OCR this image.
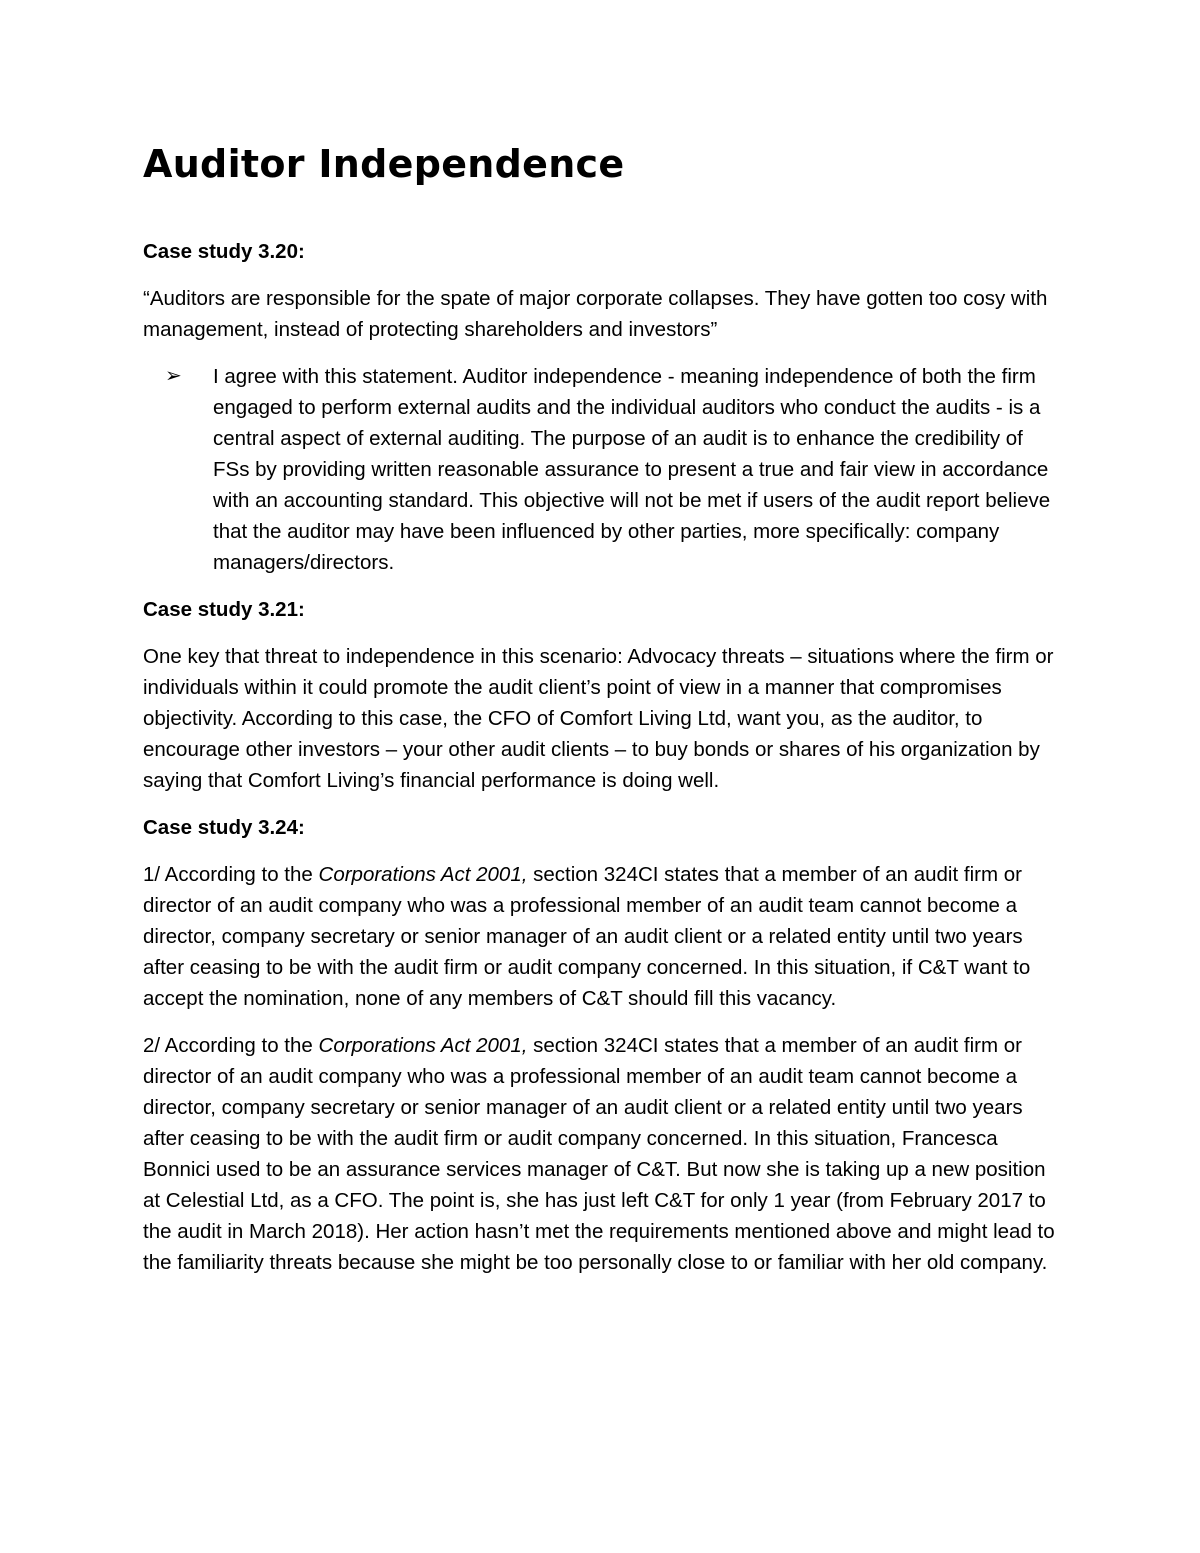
Auditor Independence

Case study 3.20:

“Auditors are responsible for the spate of major corporate collapses. They have gotten too cosy with management, instead of protecting shareholders and investors”

➢	I agree with this statement. Auditor independence - meaning independence of both the firm engaged to perform external audits and the individual auditors who conduct the audits - is a central aspect of external auditing. The purpose of an audit is to enhance the credibility of FSs by providing written reasonable assurance to present a true and fair view in accordance with an accounting standard. This objective will not be met if users of the audit report believe that the auditor may have been influenced by other parties, more specifically: company managers/directors.

Case study 3.21:

One key that threat to independence in this scenario: Advocacy threats – situations where the firm or individuals within it could promote the audit client’s point of view in a manner that compromises objectivity. According to this case, the CFO of Comfort Living Ltd, want you, as the auditor, to encourage other investors – your other audit clients – to buy bonds or shares of his organization by saying that Comfort Living’s financial performance is doing well.

Case study 3.24:

1/ According to the Corporations Act 2001, section 324CI states that a member of an audit firm or director of an audit company who was a professional member of an audit team cannot become a director, company secretary or senior manager of an audit client or a related entity until two years after ceasing to be with the audit firm or audit company concerned. In this situation, if C&T want to accept the nomination, none of any members of C&T should fill this vacancy.

2/ According to the Corporations Act 2001, section 324CI states that a member of an audit firm or director of an audit company who was a professional member of an audit team cannot become a director, company secretary or senior manager of an audit client or a related entity until two years after ceasing to be with the audit firm or audit company concerned. In this situation, Francesca Bonnici used to be an assurance services manager of C&T. But now she is taking up a new position at Celestial Ltd, as a CFO. The point is, she has just left C&T for only 1 year (from February 2017 to the audit in March 2018). Her action hasn’t met the requirements mentioned above and might lead to the familiarity threats because she might be too personally close to or familiar with her old company.
